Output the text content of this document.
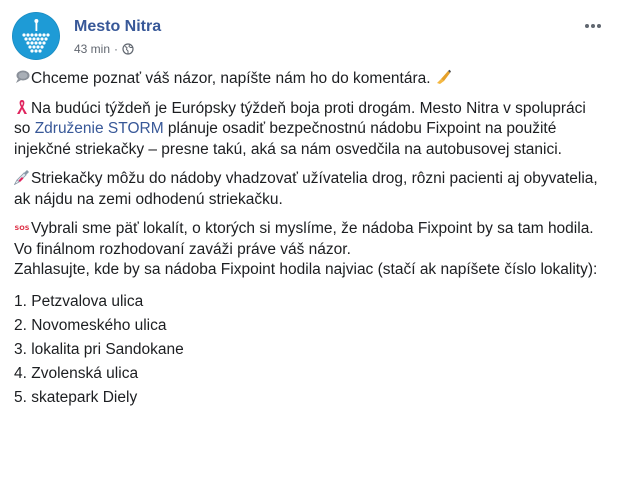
Mesto Nitra
43 min ·

Chceme poznať váš názor, napíšte nám ho do komentára.

Na budúci týždeň je Európsky týždeň boja proti drogám. Mesto Nitra v spolupráci so Združenie STORM plánuje osadiť bezpečnostnú nádobu Fixpoint na použité injekčné striekačky – presne takú, aká sa nám osvedčila na autobusovej stanici.

Striekačky môžu do nádoby vhadzovať užívatelia drog, rôzni pacienti aj obyvatelia, ak nájdu na zemi odhodenú striekačku.

SOS Vybrali sme päť lokalít, o ktorých si myslíme, že nádoba Fixpoint by sa tam hodila. Vo finálnom rozhodovaní zaváži práve váš názor.
Zahlasujte, kde by sa nádoba Fixpoint hodila najviac (stačí ak napíšete číslo lokality):

1. Petzvalova ulica
2. Novomeského ulica
3. lokalita pri Sandokane
4. Zvolenská ulica
5. skatepark Diely
